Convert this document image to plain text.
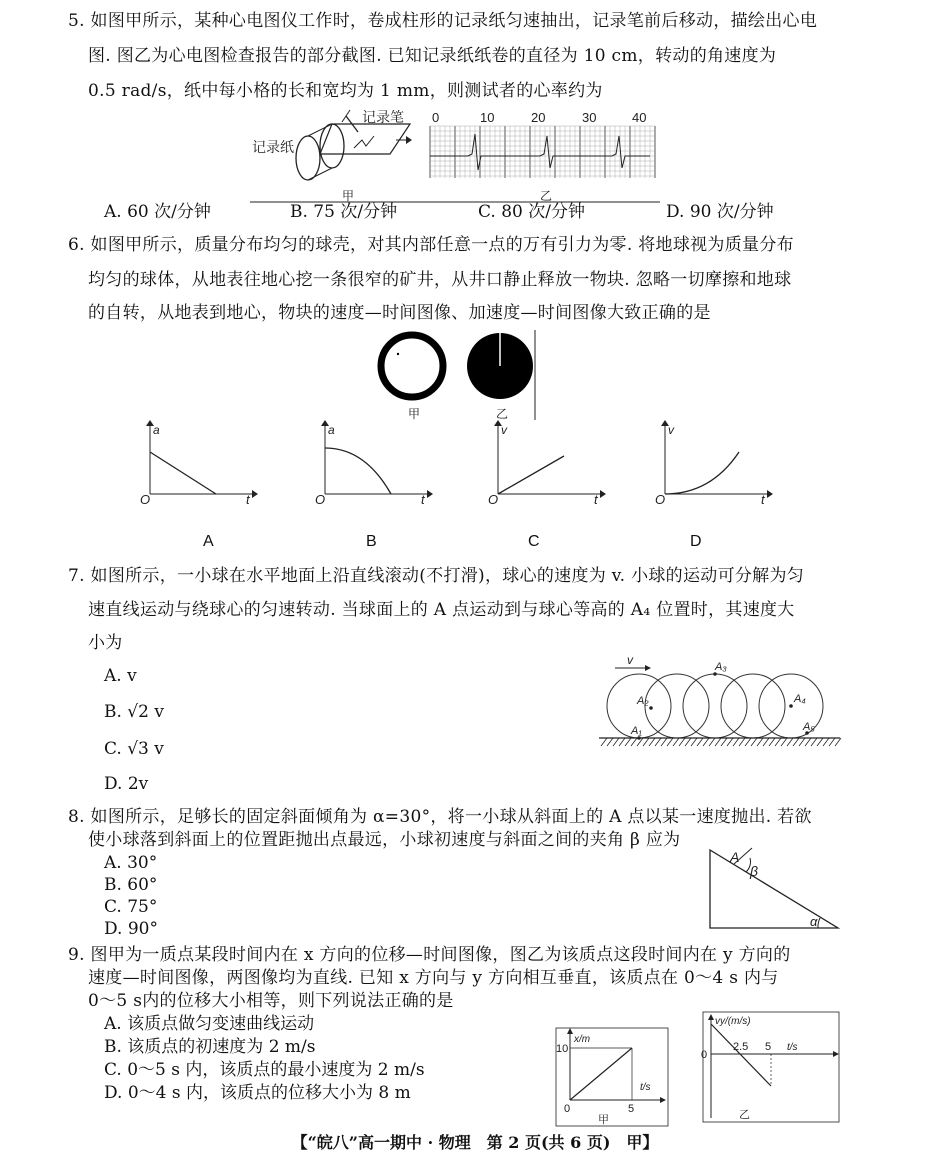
5. 如图甲所示，某种心电图仪工作时，卷成柱形的记录纸匀速抽出，记录笔前后移动，描绘出心电
图. 图乙为心电图检查报告的部分截图. 已知记录纸纸卷的直径为 10 cm，转动的角速度为
0.5 rad/s，纸中每小格的长和宽均为 1 mm，则测试者的心率约为
记录纸
记录笔
甲
0	10	20	30	40
乙
A. 60 次/分钟	B. 75 次/分钟	C. 80 次/分钟	D. 90 次/分钟
6. 如图甲所示，质量分布均匀的球壳，对其内部任意一点的万有引力为零. 将地球视为质量分布
均匀的球体，从地表往地心挖一条很窄的矿井，从井口静止释放一物块. 忽略一切摩擦和地球
的自转，从地表到地心，物块的速度—时间图像、加速度—时间图像大致正确的是
甲	乙
a
t
O
a
t
O
v
t
O
v
t
O
A	B	C	D
7. 如图所示，一小球在水平地面上沿直线滚动(不打滑)，球心的速度为 v. 小球的运动可分解为匀
速直线运动与绕球心的匀速转动. 当球面上的 A 点运动到与球心等高的 A₄ 位置时，其速度大
小为
A. v
B. √2 v
C. √3 v
D. 2v
v
A₁
A₂
A₃
A₄
A₅
8. 如图所示，足够长的固定斜面倾角为 α=30°，将一小球从斜面上的 A 点以某一速度抛出. 若欲
使小球落到斜面上的位置距抛出点最远，小球初速度与斜面之间的夹角 β 应为
A. 30°
B. 60°
C. 75°
D. 90°
A
β
α
9. 图甲为一质点某段时间内在 x 方向的位移—时间图像，图乙为该质点这段时间内在 y 方向的
速度—时间图像，两图像均为直线. 已知 x 方向与 y 方向相互垂直，该质点在 0～4 s 内与
0～5 s内的位移大小相等，则下列说法正确的是
A. 该质点做匀变速曲线运动
B. 该质点的初速度为 2 m/s
C. 0～5 s 内，该质点的最小速度为 2 m/s
D. 0～4 s 内，该质点的位移大小为 8 m
x/m
10
t/s
5
0
甲
vy/(m/s)
0
2.5 5 t/s
乙
【“皖八”高一期中 · 物理　第 2 页(共 6 页)　甲】
